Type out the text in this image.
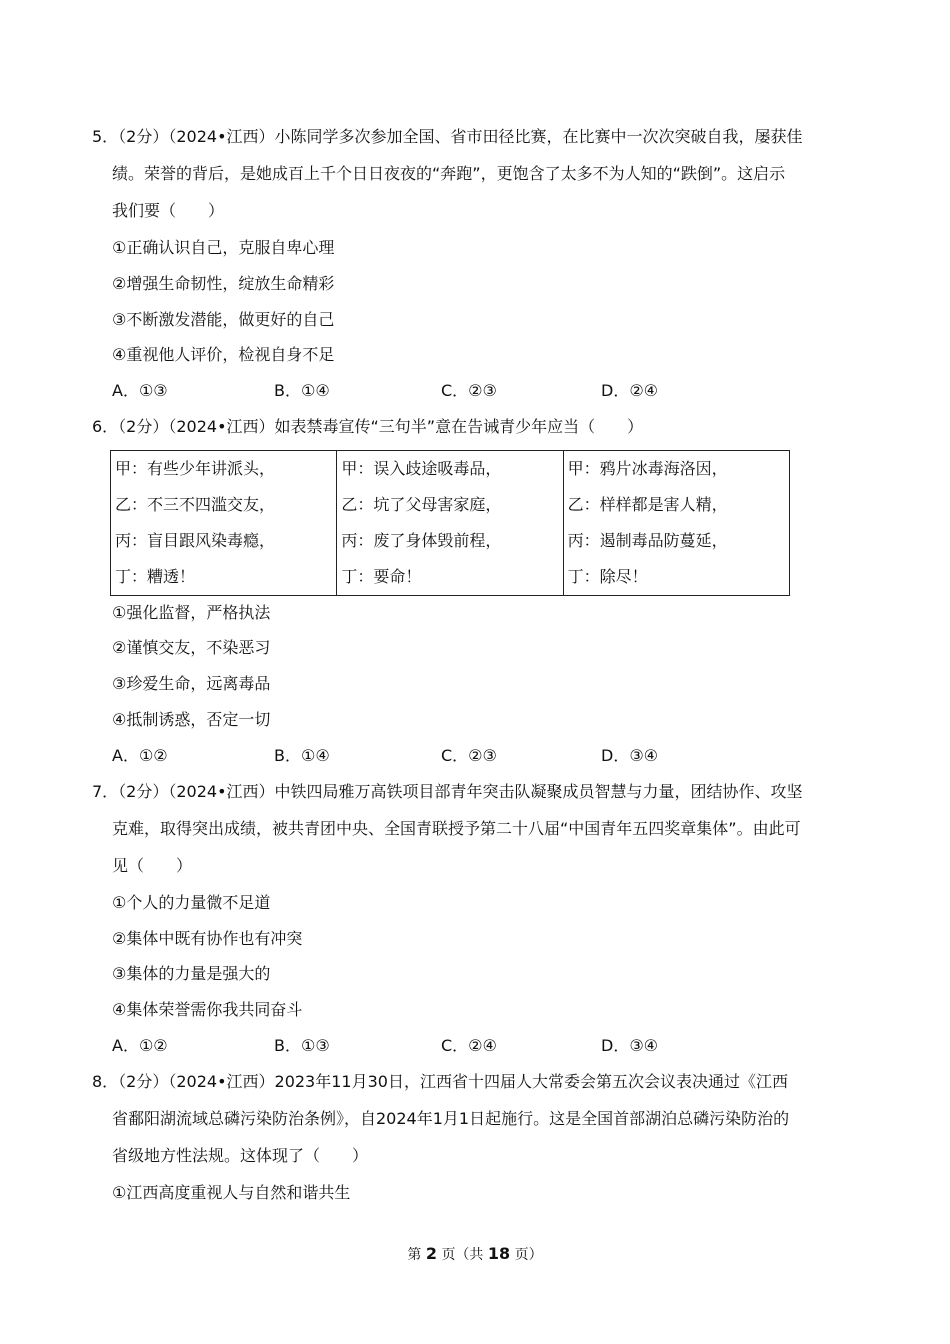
5．（2分）（2024•江西）小陈同学多次参加全国、省市田径比赛，在比赛中一次次突破自我，屡获佳
绩。荣誉的背后，是她成百上千个日日夜夜的“奔跑”，更饱含了太多不为人知的“跌倒”。这启示
我们要（　　）
①正确认识自己，克服自卑心理
②增强生命韧性，绽放生命精彩
③不断激发潜能，做更好的自己
④重视他人评价，检视自身不足
A．①③	B．①④	C．②③	D．②④
6．（2分）（2024•江西）如表禁毒宣传“三句半”意在告诫青少年应当（　　）
甲：有些少年讲派头，
乙：不三不四滥交友，
丙：盲目跟风染毒瘾，
丁：糟透！

甲：误入歧途吸毒品，
乙：坑了父母害家庭，
丙：废了身体毁前程，
丁：要命！

甲：鸦片冰毒海洛因，
乙：样样都是害人精，
丙：遏制毒品防蔓延，
丁：除尽！
①强化监督，严格执法
②谨慎交友，不染恶习
③珍爱生命，远离毒品
④抵制诱惑，否定一切
A．①②	B．①④	C．②③	D．③④
7．（2分）（2024•江西）中铁四局雅万高铁项目部青年突击队凝聚成员智慧与力量，团结协作、攻坚
克难，取得突出成绩，被共青团中央、全国青联授予第二十八届“中国青年五四奖章集体”。由此可
见（　　）
①个人的力量微不足道
②集体中既有协作也有冲突
③集体的力量是强大的
④集体荣誉需你我共同奋斗
A．①②	B．①③	C．②④	D．③④
8．（2分）（2024•江西）2023年11月30日，江西省十四届人大常委会第五次会议表决通过《江西
省鄱阳湖流域总磷污染防治条例》，自2024年1月1日起施行。这是全国首部湖泊总磷污染防治的
省级地方性法规。这体现了（　　）
①江西高度重视人与自然和谐共生
第 2 页（共 18 页）
